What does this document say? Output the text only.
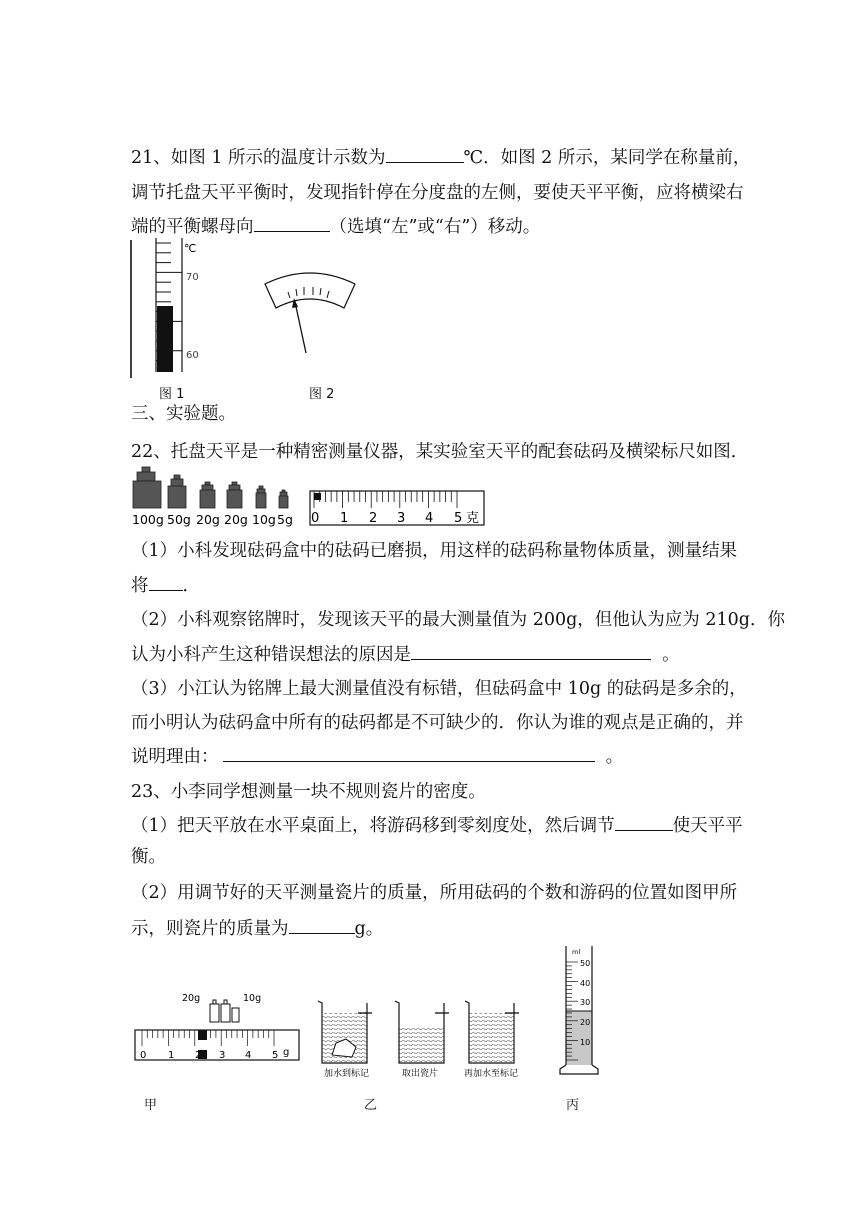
21、如图 1 所示的温度计示数为	℃．如图 2 所示，某同学在称量前，
调节托盘天平平衡时，发现指针停在分度盘的左侧，要使天平平衡，应将横梁右
端的平衡螺母向	（选填“左”或“右”）移动。
℃
70
60
图 1	图 2
三、实验题。
22、托盘天平是一种精密测量仪器，某实验室天平的配套砝码及横梁标尺如图．
100g 50g 20g 20g 10g 5g 0 1 2 3 4 5 克
（1）小科发现砝码盒中的砝码已磨损，用这样的砝码称量物体质量，测量结果
将 ．
（2）小科观察铭牌时，发现该天平的最大测量值为 200g，但他认为应为 210g．你
认为小科产生这种错误想法的原因是	。
（3）小江认为铭牌上最大测量值没有标错，但砝码盒中 10g 的砝码是多余的，
而小明认为砝码盒中所有的砝码都是不可缺少的．你认为谁的观点是正确的，并
说明理由：	。
23、小李同学想测量一块不规则瓷片的密度。
（1）把天平放在水平桌面上，将游码移到零刻度处，然后调节	使天平平
衡。
（2）用调节好的天平测量瓷片的质量，所用砝码的个数和游码的位置如图甲所
示，则瓷片的质量为	g。
20g	10g
0 1 2 3 4 5 g
甲
加水到标记	取出瓷片	再加水至标记
乙
ml
50
40
30
20
10
丙
